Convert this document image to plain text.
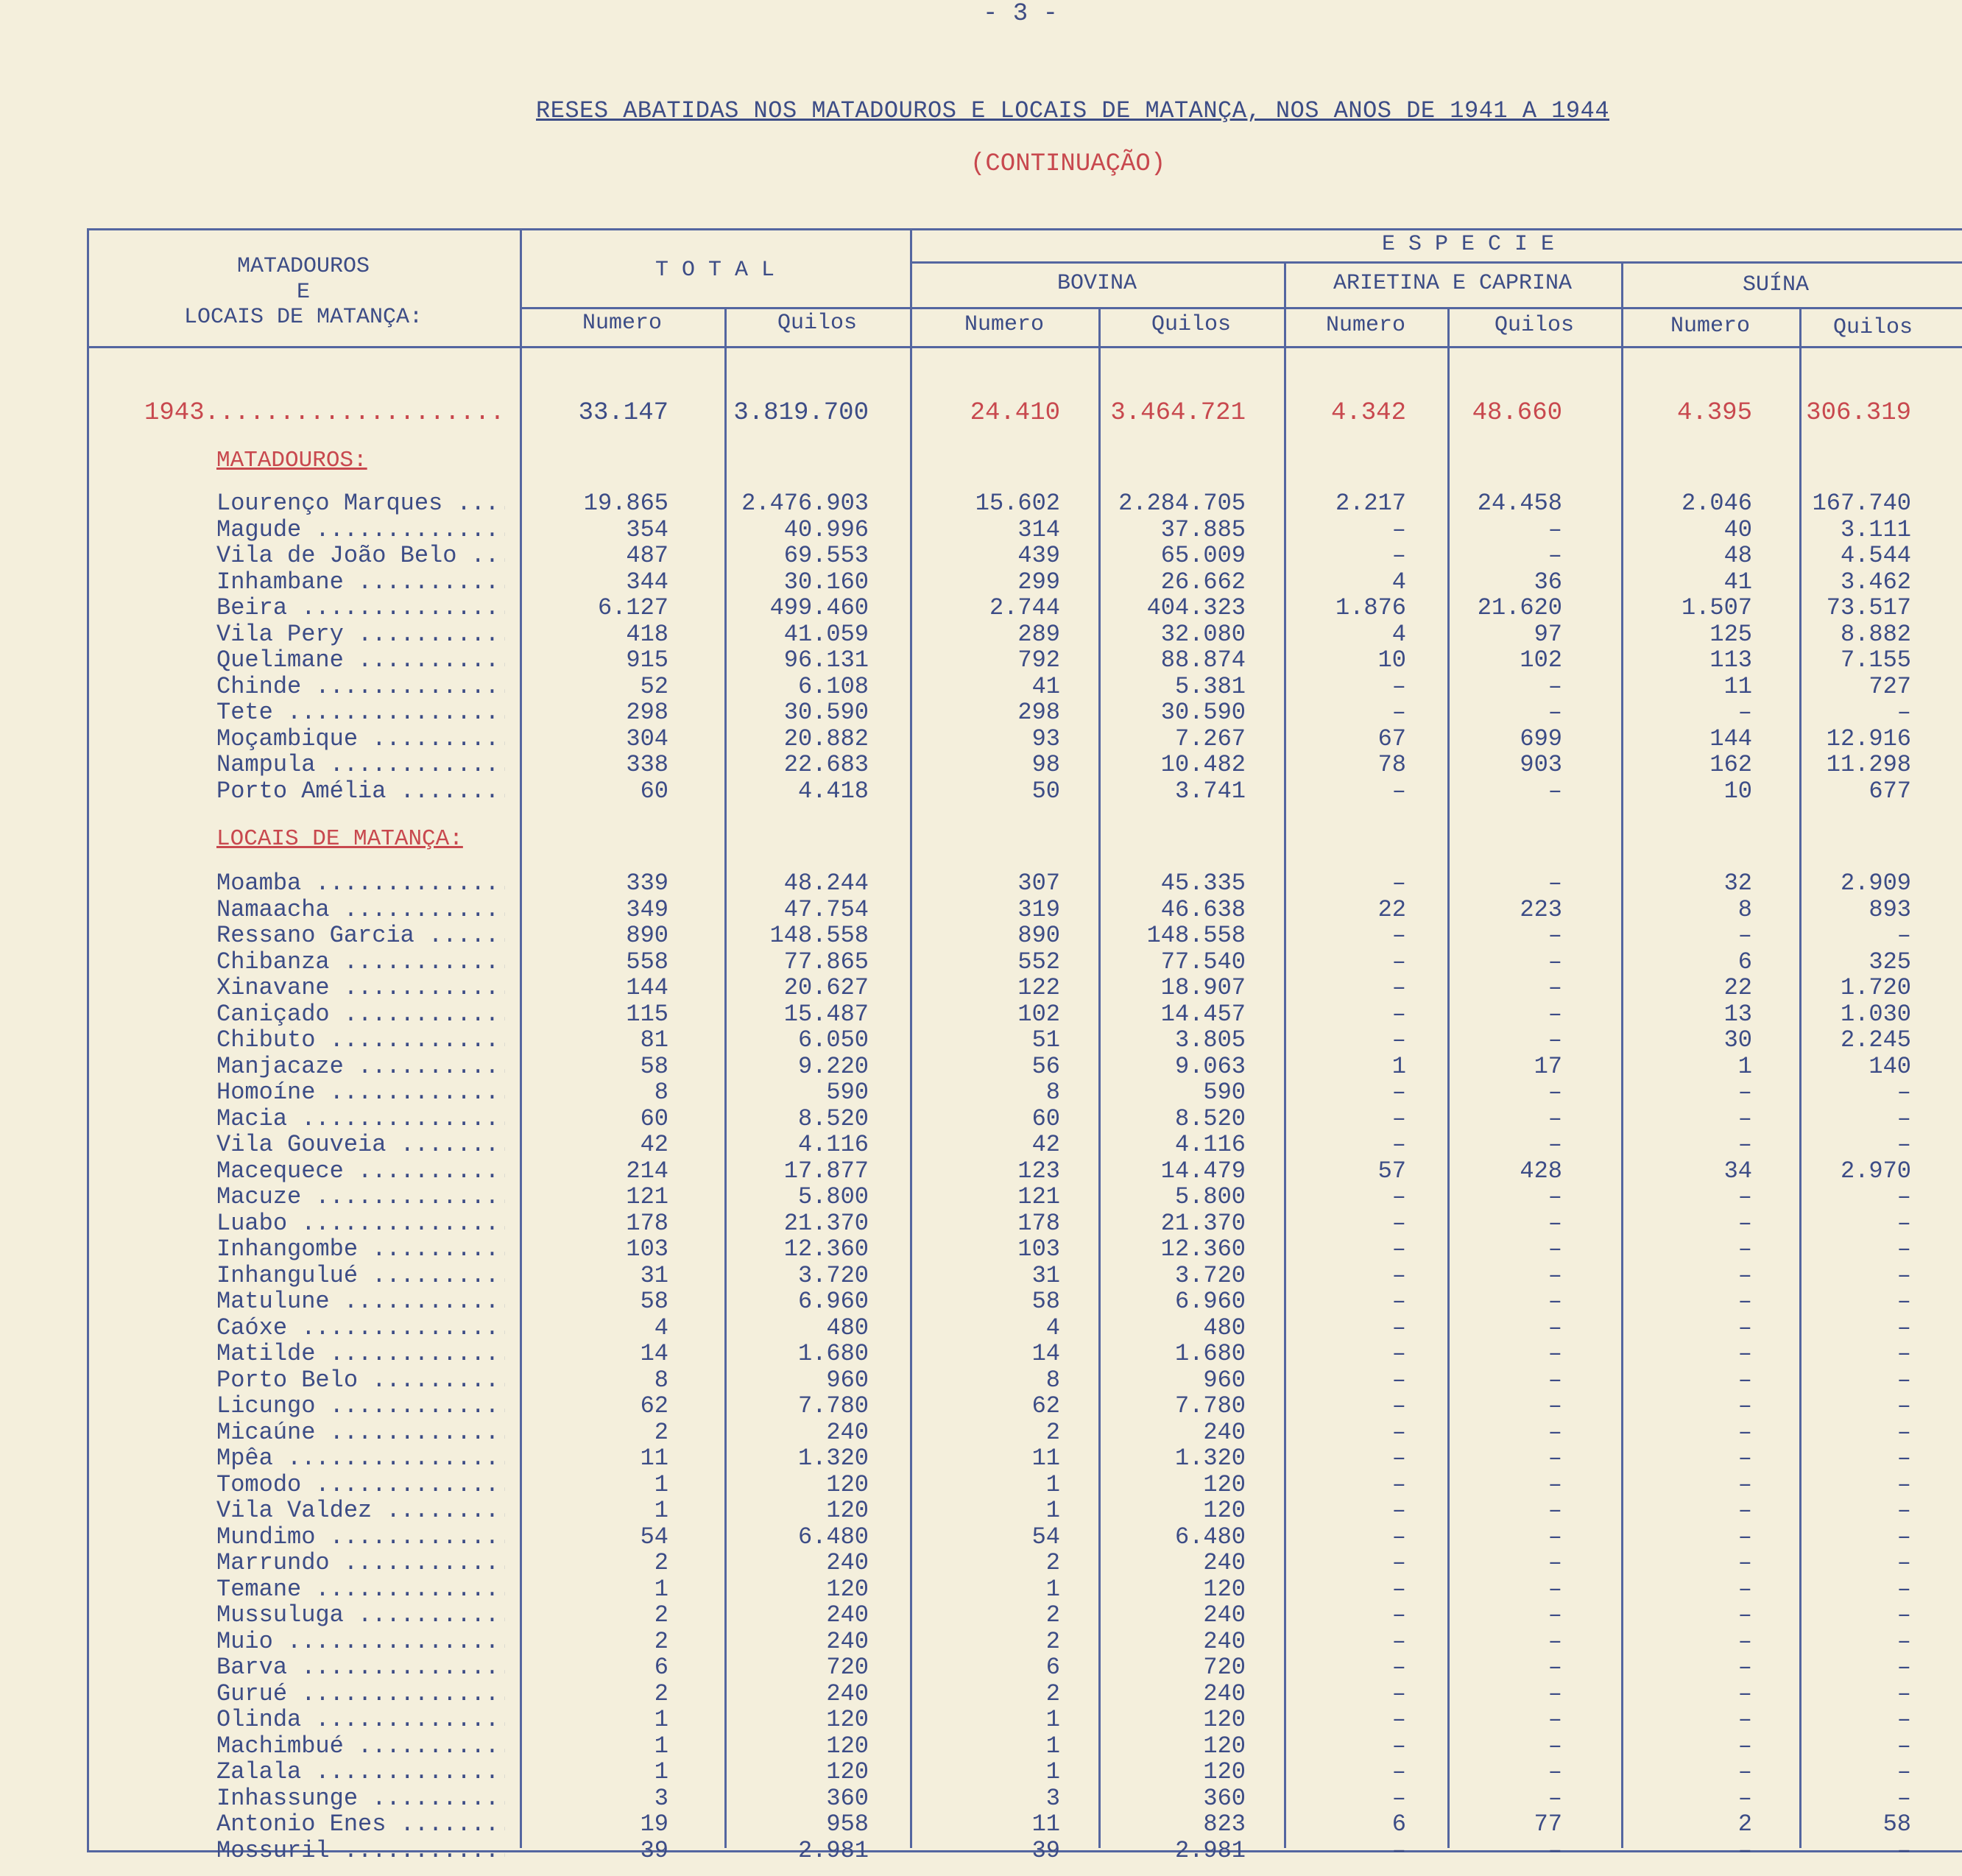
- 3 -
RESES ABATIDAS NOS MATADOUROS E LOCAIS DE MATANÇA, NOS ANOS DE 1941 A 1944
(CONTINUAÇÃO)
MATADOUROS
E
LOCAIS DE MATANÇA:
T O T A L
E S P E C I E
BOVINA	ARIETINA E CAPRINA	SUÍNA
Numero	Quilos	Numero	Quilos	Numero	Quilos	Numero	Quilos
1943 .....	33.147	3.819.700	24.410 3.464.721	4.342	48.660	4.395	306.319
MATADOUROS:
Lourenço Marques .....	19.865	2.476.903	15.602	2.284.705	2.217	24.458	2.046	167.740
Magude .....	354	40.996	314	37.885	–	–	40	3.111
Vila de João Belo .....	487	69.553	439	65.009	–	–	48	4.544
Inhambane .....	344	30.160	299	26.662	4	36	41	3.462
Beira .....	6.127	499.460	2.744	404.323	1.876	21.620	1.507	73.517
Vila Pery .....	418	41.059	289	32.080	4	97	125	8.882
Quelimane .....	915	96.131	792	88.874	10	102	113	7.155
Chinde .....	52	6.108	41	5.381	–	–	11	727
Tete .....	298	30.590	298	30.590	–	–	–	–
Moçambique .....	304	20.882	93	7.267	67	699	144	12.916
Nampula .....	338	22.683	98	10.482	78	903	162	11.298
Porto Amélia .....	60	4.418	50	3.741	–	–	10	677
LOCAIS DE MATANÇA:
Moamba .....	339	48.244	307	45.335	–	–	32	2.909
Namaacha .....	349	47.754	319	46.638	22	223	8	893
Ressano Garcia .....	890	148.558	890	148.558	–	–	–	–
Chibanza .....	558	77.865	552	77.540	–	–	6	325
Xinavane .....	144	20.627	122	18.907	–	–	22	1.720
Caniçado .....	115	15.487	102	14.457	–	–	13	1.030
Chibuto .....	81	6.050	51	3.805	–	–	30	2.245
Manjacaze .....	58	9.220	56	9.063	1	17	1	140
Homoíne .....	8	590	8	590	–	–	–	–
Macia .....	60	8.520	60	8.520	–	–	–	–
Vila Gouveia .....	42	4.116	42	4.116	–	–	–	–
Macequece .....	214	17.877	123	14.479	57	428	34	2.970
Macuze .....	121	5.800	121	5.800	–	–	–	–
Luabo .....	178	21.370	178	21.370	–	–	–	–
Inhangombe .....	103	12.360	103	12.360	–	–	–	–
Inhangulué .....	31	3.720	31	3.720	–	–	–	–
Matulune .....	58	6.960	58	6.960	–	–	–	–
Caóxe .....	4	480	4	480	–	–	–	–
Matilde .....	14	1.680	14	1.680	–	–	–	–
Porto Belo .....	8	960	8	960	–	–	–	–
Licungo .....	62	7.780	62	7.780	–	–	–	–
Micaúne .....	2	240	2	240	–	–	–	–
Mpêa .....	11	1.320	11	1.320	–	–	–	–
Tomodo .....	1	120	1	120	–	–	–	–
Vila Valdez .....	1	120	1	120	–	–	–	–
Mundimo .....	54	6.480	54	6.480	–	–	–	–
Marrundo .....	2	240	2	240	–	–	–	–
Temane .....	1	120	1	120	–	–	–	–
Mussuluga .....	2	240	2	240	–	–	–	–
Muio .....	2	240	2	240	–	–	–	–
Barva .....	6	720	6	720	–	–	–	–
Gurué .....	2	240	2	240	–	–	–	–
Olinda .....	1	120	1	120	–	–	–	–
Machimbué .....	1	120	1	120	–	–	–	–
Zalala .....	1	120	1	120	–	–	–	–
Inhassunge .....	3	360	3	360	–	–	–	–
Antonio Enes .....	19	958	11	823	6	77	2	58
Mossuril .....	39	2.981	39	2.981	–	–	–	–
